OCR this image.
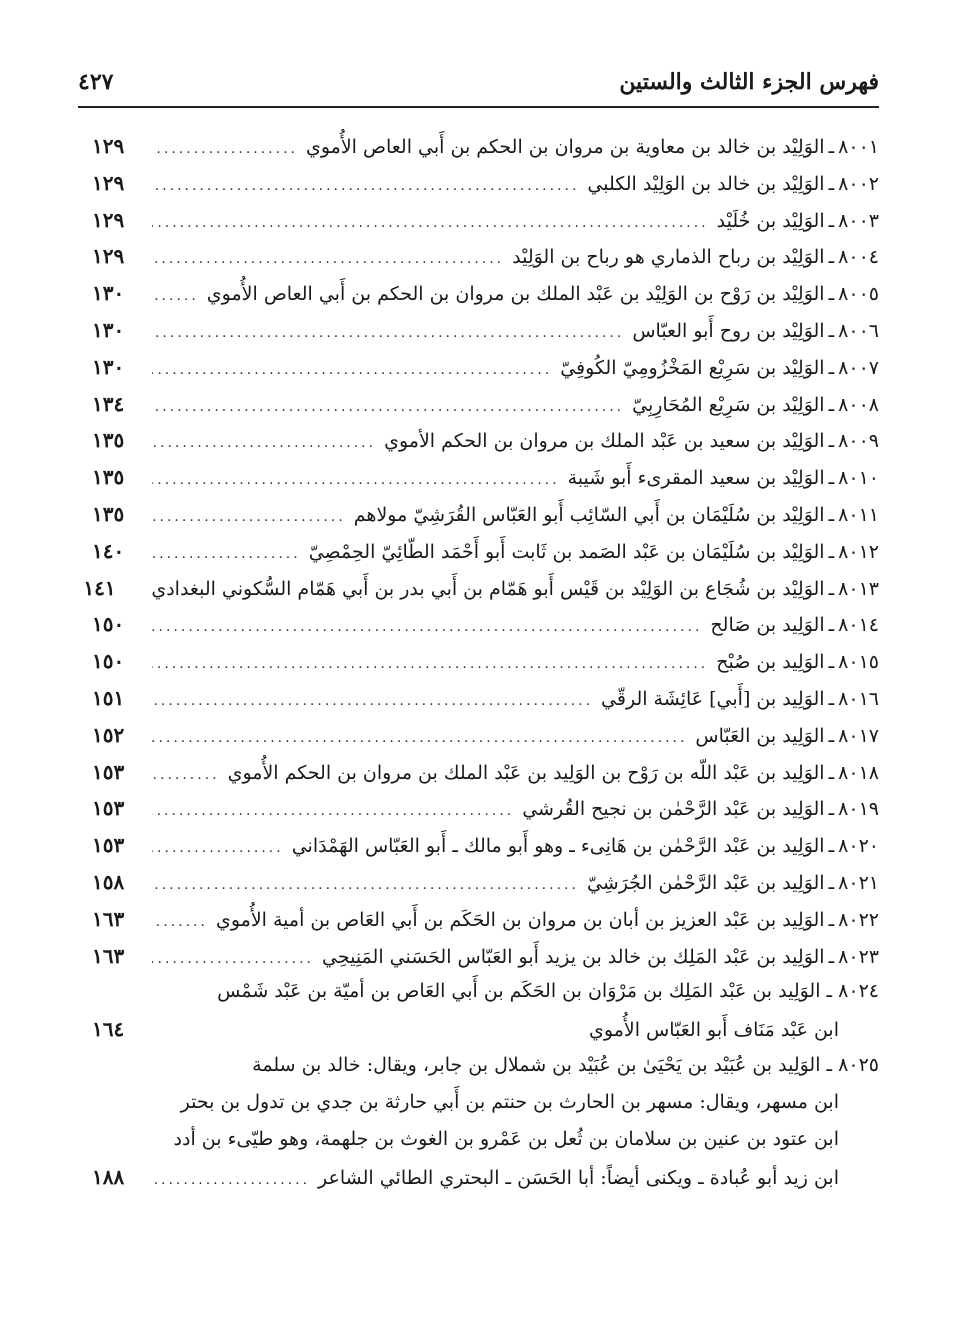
فهرس الجزء الثالث والستين
٤٢٧
٨٠٠١
ـ
الوَلِيْد بن خالد بن معاوية بن مروان بن الحكم بن أَبي العاص الأُموي
.....
١٢٩
٨٠٠٢
ـ
الوَلِيْد بن خالد بن الوَلِيْد الكلبي
.....
١٢٩
٨٠٠٣
ـ
الوَلِيْد بن خُلَيْد
.....
١٢٩
٨٠٠٤
ـ
الوَلِيْد بن رباح الذماري هو رباح بن الوَلِيْد
.....
١٢٩
٨٠٠٥
ـ
الوَلِيْد بن رَوْح بن الوَلِيْد بن عَبْد الملك بن مروان بن الحكم بن أَبي العاص الأُموي
.....
١٣٠
٨٠٠٦
ـ
الوَلِيْد بن روح أَبو العبّاس
.....
١٣٠
٨٠٠٧
ـ
الوَلِيْد بن سَرِيْع المَخْزُومِيّ الكُوفِيّ
.....
١٣٠
٨٠٠٨
ـ
الوَلِيْد بن سَرِيْع المُحَارِبِيّ
.....
١٣٤
٨٠٠٩
ـ
الوَلِيْد بن سعيد بن عَبْد الملك بن مروان بن الحكم الأموي
.....
١٣٥
٨٠١٠
ـ
الوَلِيْد بن سعيد المقرىء أَبو شَيبة
.....
١٣٥
٨٠١١
ـ
الوَلِيْد بن سُلَيْمَان بن أَبي السّائِب أَبو العَبّاس القُرَشِيّ مولاهم
.....
١٣٥
٨٠١٢
ـ
الوَلِيْد بن سُلَيْمَان بن عَبْد الصَمد بن ثَابت أَبو أَحْمَد الطّائِيّ الحِمْصِيّ
.....
١٤٠
٨٠١٣
ـ
الوَلِيْد بن شُجَاع بن الوَلِيْد بن قَيْس أَبو هَمّام بن أَبي بدر بن أَبي هَمّام السُّكوني البغدادي
١٤١
٨٠١٤
ـ
الوَلِيد بن صَالح
.....
١٥٠
٨٠١٥
ـ
الوَلِيد بن صُبْح
.....
١٥٠
٨٠١٦
ـ
الوَلِيد بن [أَبي] عَائِشَة الرقّي
.....
١٥١
٨٠١٧
ـ
الوَلِيد بن العَبّاس
.....
١٥٢
٨٠١٨
ـ
الوَلِيد بن عَبْد اللّه بن رَوْح بن الوَلِيد بن عَبْد الملك بن مروان بن الحكم الأُموي
.....
١٥٣
٨٠١٩
ـ
الوَلِيد بن عَبْد الرَّحْمٰن بن نجيح القُرشي
.....
١٥٣
٨٠٢٠
ـ
الوَلِيد بن عَبْد الرَّحْمٰن بن هَانِىء ـ وهو أَبو مالك ـ أَبو العَبّاس الهَمْدَاني
.....
١٥٣
٨٠٢١
ـ
الوَلِيد بن عَبْد الرَّحْمٰن الجُرَشِيّ
.....
١٥٨
٨٠٢٢
ـ
الوَلِيد بن عَبْد العزيز بن أبان بن مروان بن الحَكَم بن أَبي العَاص بن أمية الأُموي
.....
١٦٣
٨٠٢٣
ـ
الوَلِيد بن عَبْد المَلِك بن خالد بن يزيد أَبو العَبّاس الحَسَني المَنِيحِي
.....
١٦٣
٨٠٢٤ ـ الوَلِيد بن عَبْد المَلِك بن مَرْوَان بن الحَكَم بن أَبي العَاص بن أميّة بن عَبْد شَمْس
ابن عَبْد مَنَاف أَبو العَبّاس الأُموي
١٦٤
٨٠٢٥ ـ الوَلِيد بن عُبَيْد بن يَحْيَىٰ بن عُبَيْد بن شملال بن جابر، ويقال: خالد بن سلمة
ابن مسهر، ويقال: مسهر بن الحارث بن حنتم بن أَبي حارثة بن جدي بن تدول بن بحتر
ابن عتود بن عنين بن سلامان بن ثُعل بن عَمْرو بن الغوث بن جلهمة، وهو طيّىء بن أدد
ابن زيد أبو عُبادة ـ ويكنى أيضاً: أبا الحَسَن ـ البحتري الطائي الشاعر
.....
١٨٨
